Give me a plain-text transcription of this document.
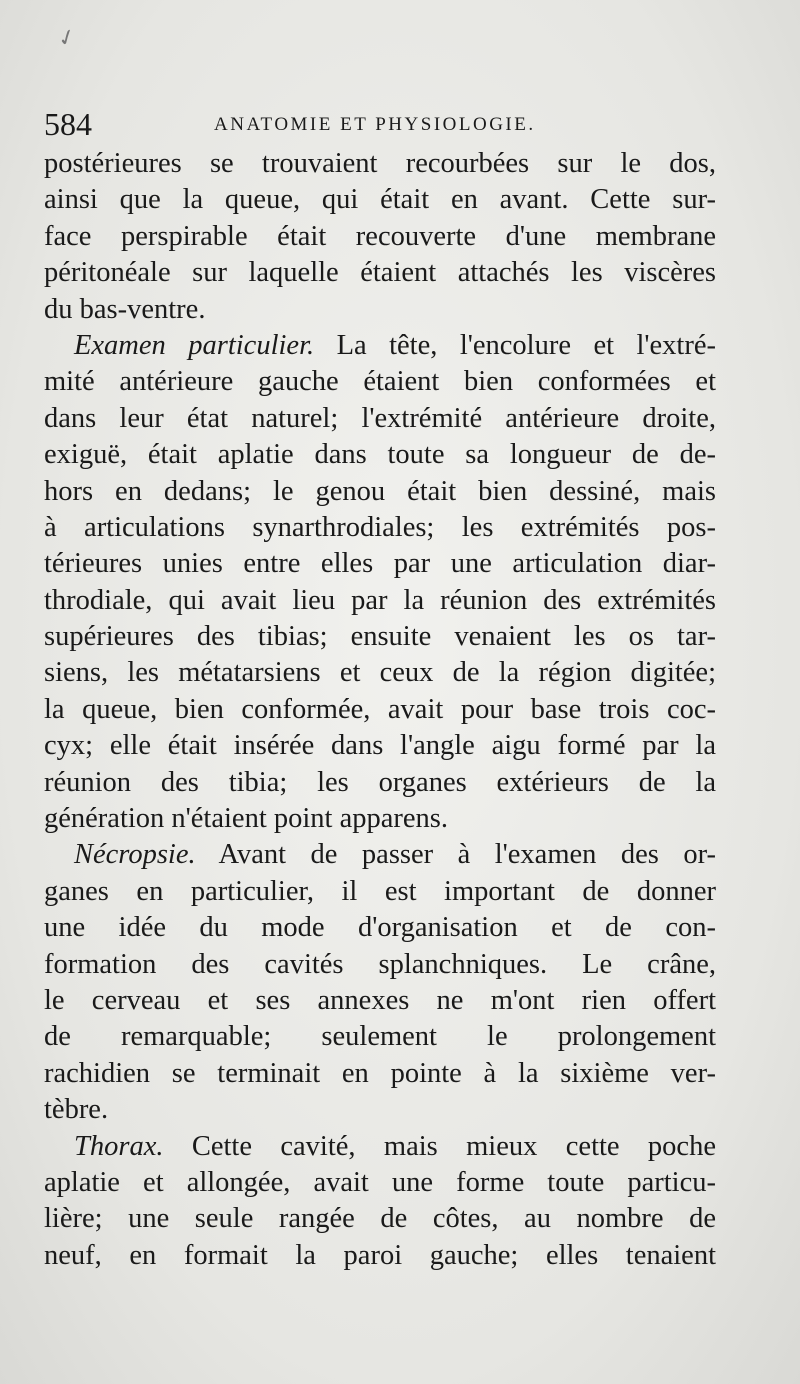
✓
584	ANATOMIE ET PHYSIOLOGIE.
postérieures se trouvaient recourbées sur le dos,
ainsi que la queue, qui était en avant. Cette sur-
face perspirable était recouverte d'une membrane
péritonéale sur laquelle étaient attachés les viscères
du bas-ventre.
Examen particulier. La tête, l'encolure et l'extré-
mité antérieure gauche étaient bien conformées et
dans leur état naturel; l'extrémité antérieure droite,
exiguë, était aplatie dans toute sa longueur de de-
hors en dedans; le genou était bien dessiné, mais
à articulations synarthrodiales; les extrémités pos-
térieures unies entre elles par une articulation diar-
throdiale, qui avait lieu par la réunion des extrémités
supérieures des tibias; ensuite venaient les os tar-
siens, les métatarsiens et ceux de la région digitée;
la queue, bien conformée, avait pour base trois coc-
cyx; elle était insérée dans l'angle aigu formé par la
réunion des tibia; les organes extérieurs de la
génération n'étaient point apparens.
Nécropsie. Avant de passer à l'examen des or-
ganes en particulier, il est important de donner
une idée du mode d'organisation et de con-
formation des cavités splanchniques. Le crâne,
le cerveau et ses annexes ne m'ont rien offert
de remarquable; seulement le prolongement
rachidien se terminait en pointe à la sixième ver-
tèbre.
Thorax. Cette cavité, mais mieux cette poche
aplatie et allongée, avait une forme toute particu-
lière; une seule rangée de côtes, au nombre de
neuf, en formait la paroi gauche; elles tenaient
